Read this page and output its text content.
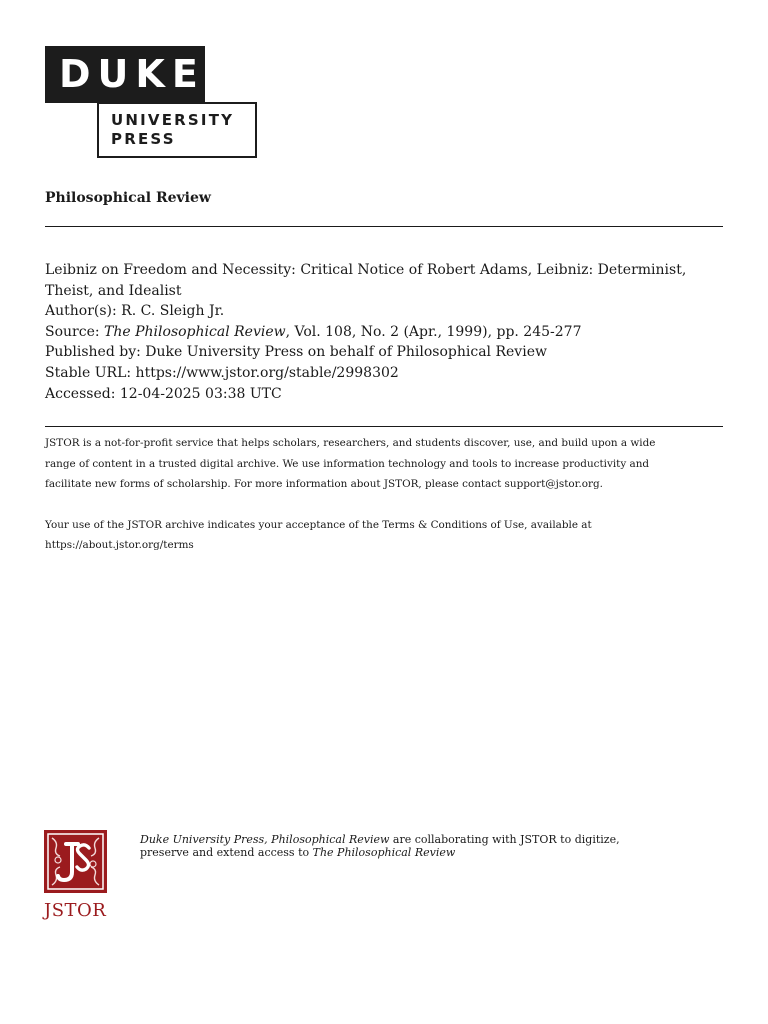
DUKE
UNIVERSITY
PRESS
Philosophical Review
Leibniz on Freedom and Necessity: Critical Notice of Robert Adams, Leibniz: Determinist,
Theist, and Idealist
Author(s): R. C. Sleigh Jr.
Source: The Philosophical Review, Vol. 108, No. 2 (Apr., 1999), pp. 245-277
Published by: Duke University Press on behalf of Philosophical Review
Stable URL: https://www.jstor.org/stable/2998302
Accessed: 12-04-2025 03:38 UTC

JSTOR is a not-for-profit service that helps scholars, researchers, and students discover, use, and build upon a wide
range of content in a trusted digital archive. We use information technology and tools to increase productivity and
facilitate new forms of scholarship. For more information about JSTOR, please contact support@jstor.org.

Your use of the JSTOR archive indicates your acceptance of the Terms & Conditions of Use, available at
https://about.jstor.org/terms

JSTOR
Duke University Press, Philosophical Review are collaborating with JSTOR to digitize,
preserve and extend access to The Philosophical Review
